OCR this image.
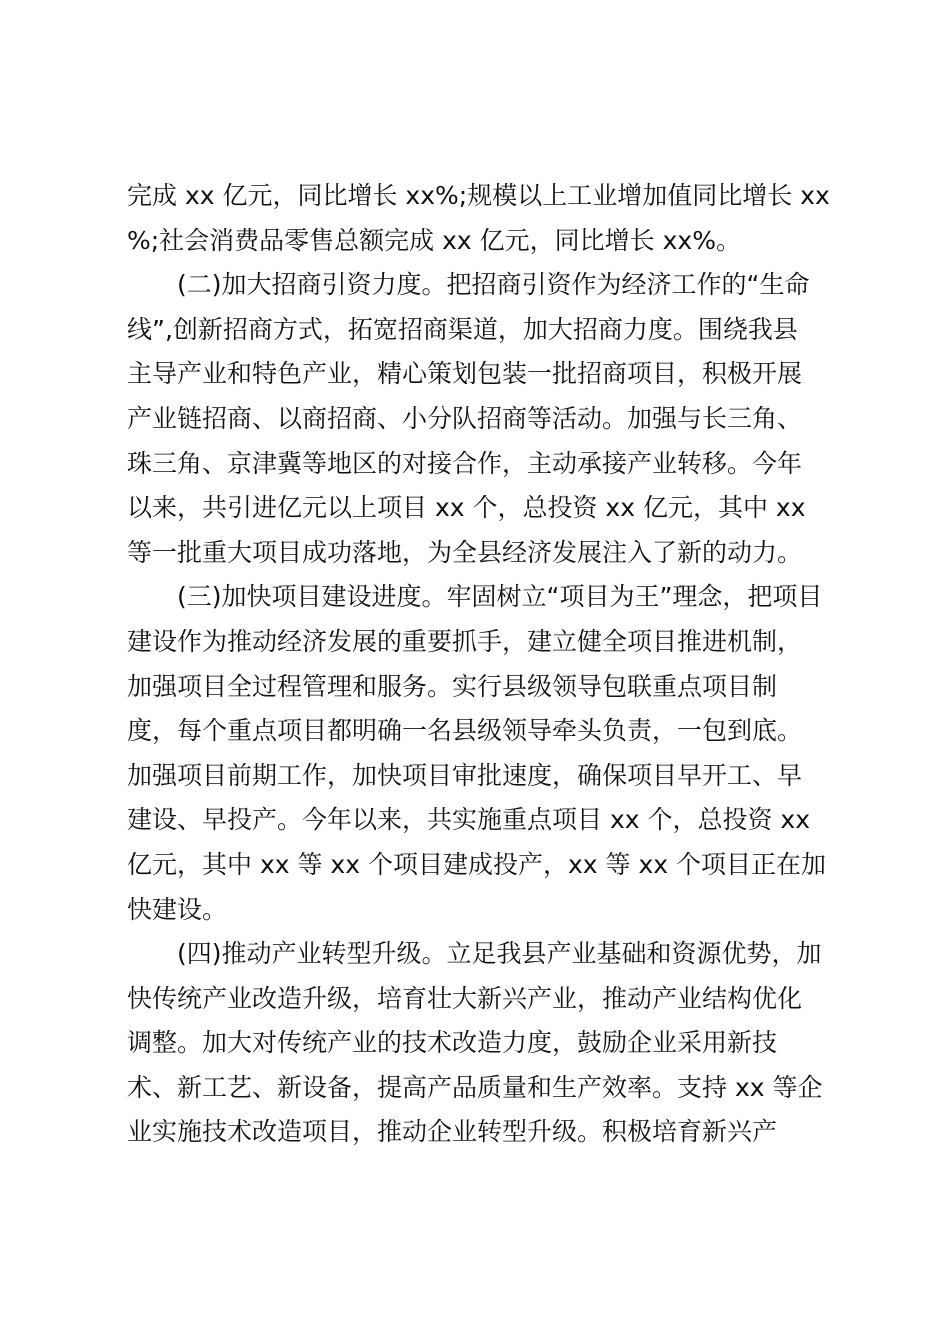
完成 xx 亿元，同比增长 xx%;规模以上工业增加值同比增长 xx
%;社会消费品零售总额完成 xx 亿元，同比增长 xx%。
(二)加大招商引资力度。把招商引资作为经济工作的“生命
线”,创新招商方式，拓宽招商渠道，加大招商力度。围绕我县
主导产业和特色产业，精心策划包装一批招商项目，积极开展
产业链招商、以商招商、小分队招商等活动。加强与长三角、
珠三角、京津冀等地区的对接合作，主动承接产业转移。今年
以来，共引进亿元以上项目 xx 个，总投资 xx 亿元，其中 xx
等一批重大项目成功落地，为全县经济发展注入了新的动力。
(三)加快项目建设进度。牢固树立“项目为王”理念，把项目
建设作为推动经济发展的重要抓手，建立健全项目推进机制，
加强项目全过程管理和服务。实行县级领导包联重点项目制
度，每个重点项目都明确一名县级领导牵头负责，一包到底。
加强项目前期工作，加快项目审批速度，确保项目早开工、早
建设、早投产。今年以来，共实施重点项目 xx 个，总投资 xx
亿元，其中 xx 等 xx 个项目建成投产，xx 等 xx 个项目正在加
快建设。
(四)推动产业转型升级。立足我县产业基础和资源优势，加
快传统产业改造升级，培育壮大新兴产业，推动产业结构优化
调整。加大对传统产业的技术改造力度，鼓励企业采用新技
术、新工艺、新设备，提高产品质量和生产效率。支持 xx 等企
业实施技术改造项目，推动企业转型升级。积极培育新兴产
